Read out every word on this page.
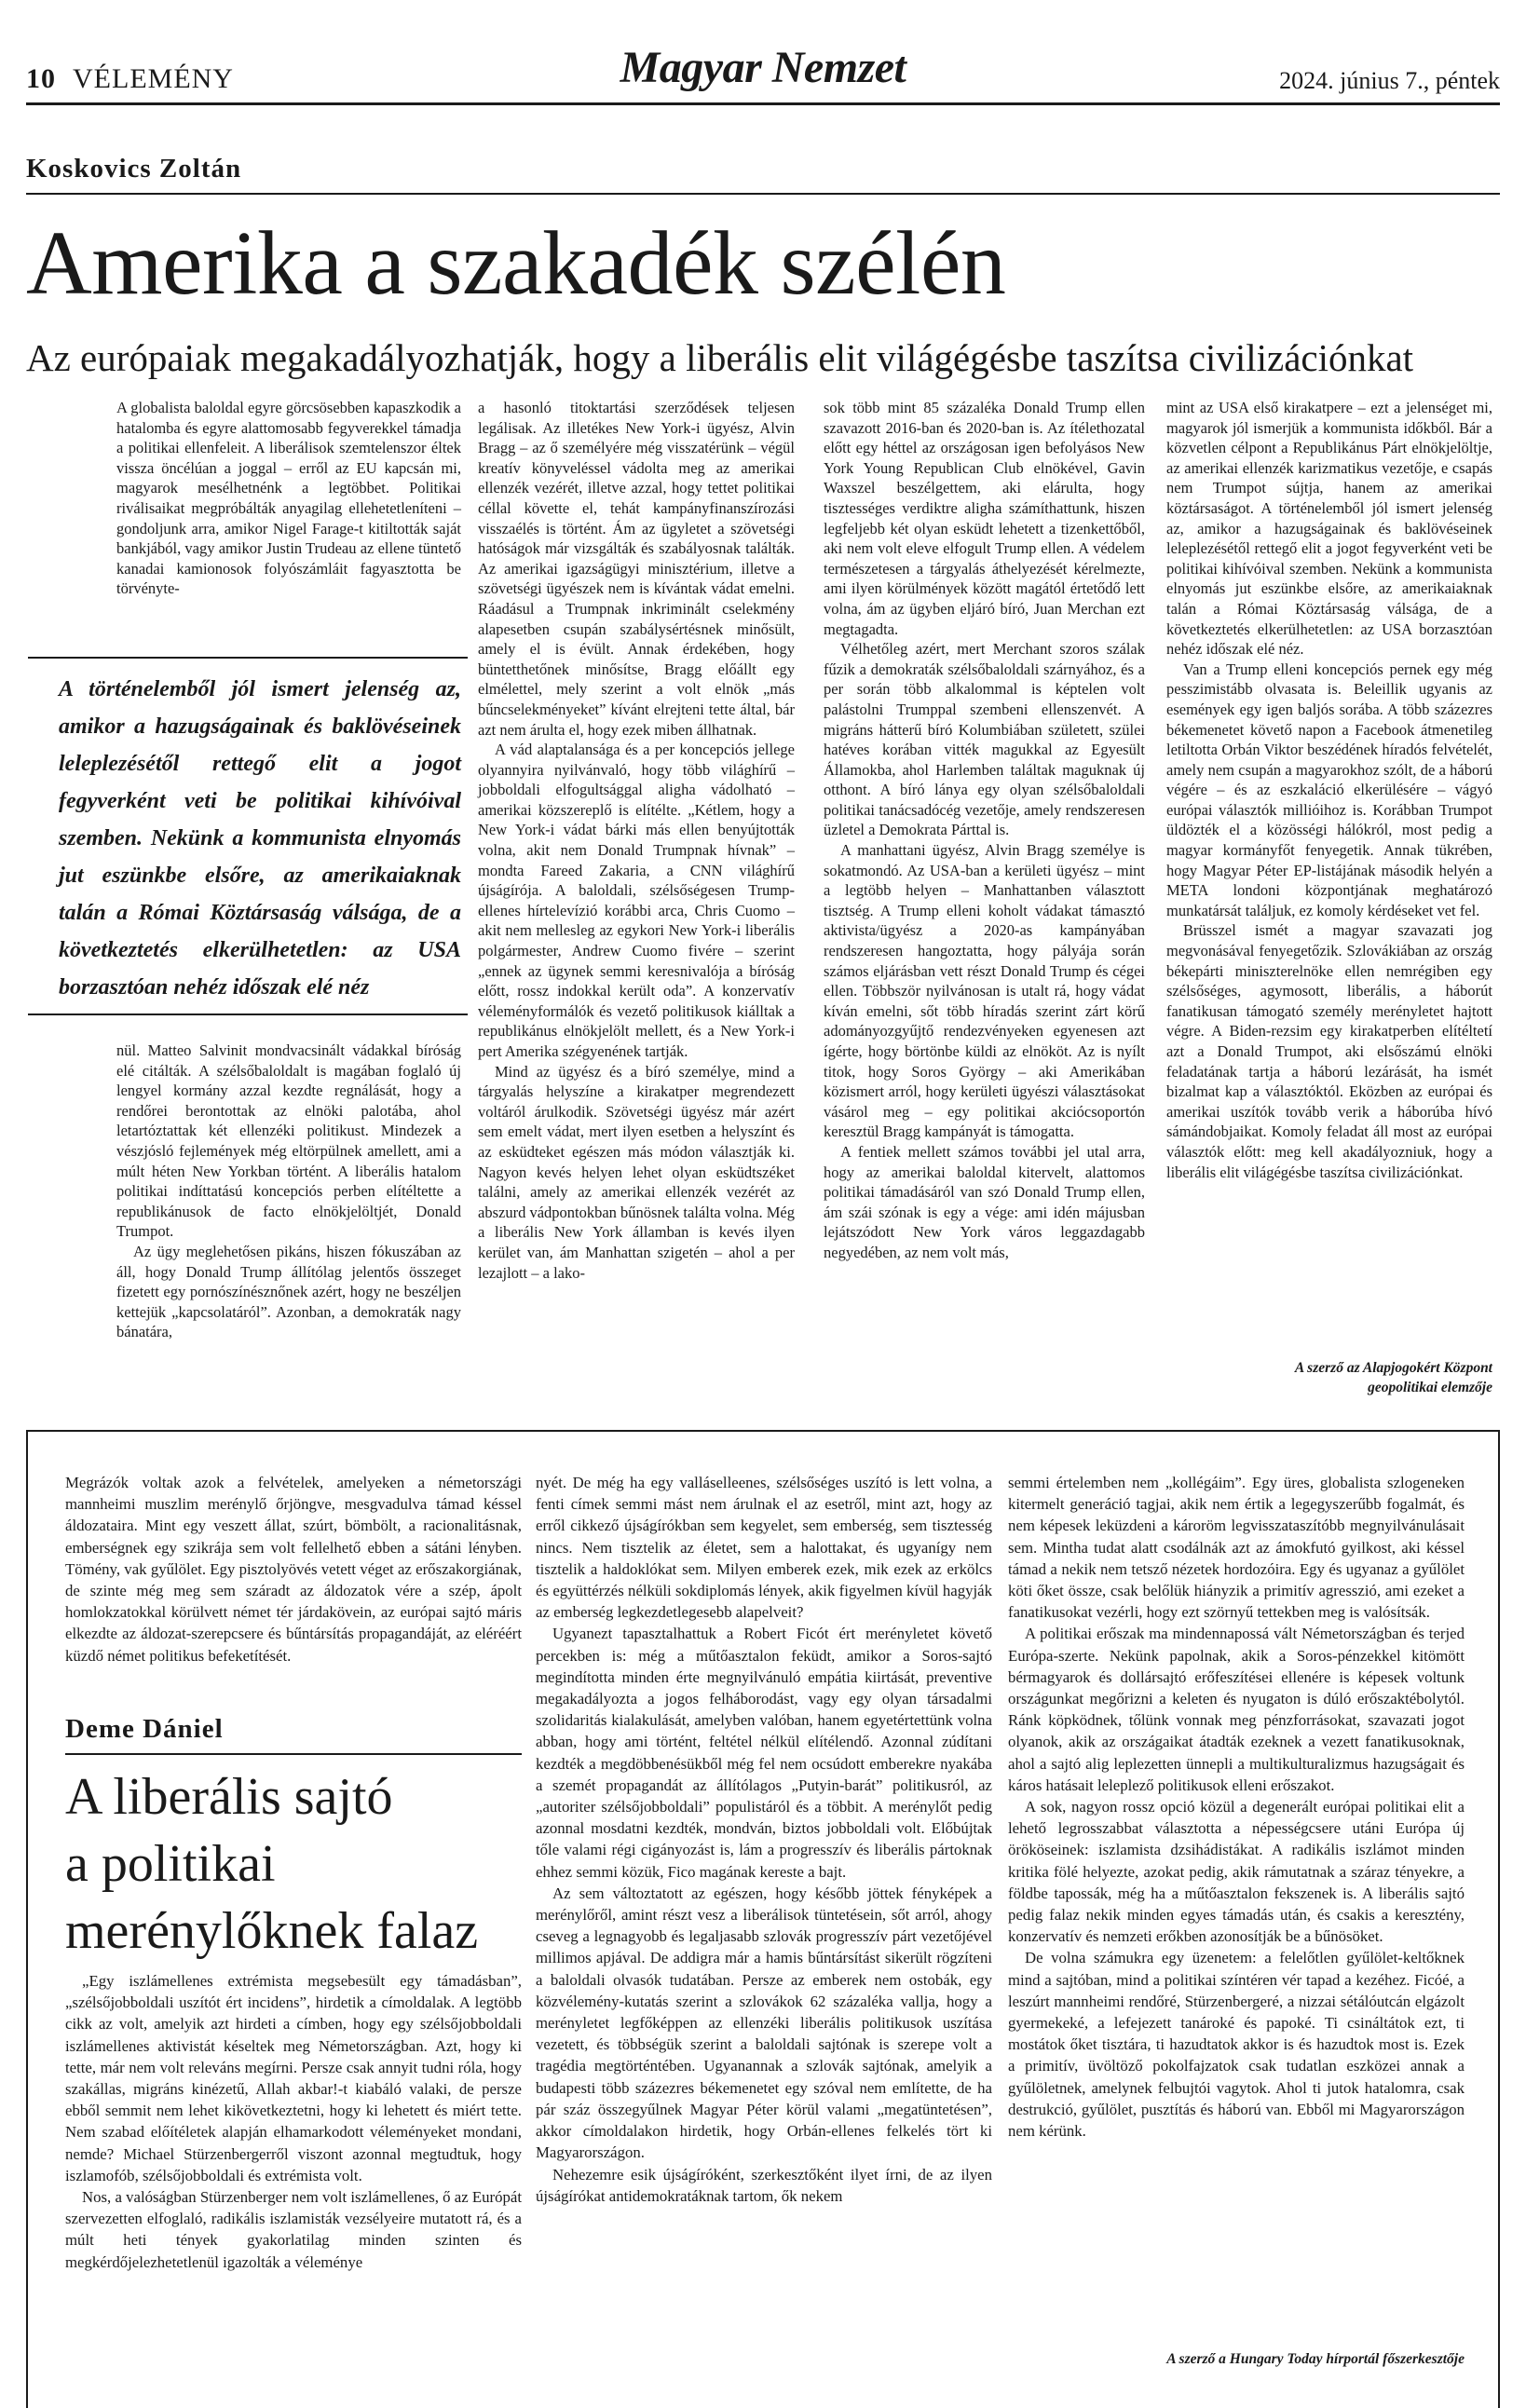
10 VÉLEMÉNY	Magyar Nemzet	2024. június 7., péntek
Koskovics Zoltán
Amerika a szakadék szélén
Az európaiak megakadályozhatják, hogy a liberális elit világégésbe taszítsa civilizációnkat

A globalista baloldal egyre görcsösebben kapaszkodik a hatalomba és egyre alattomosabb fegyverekkel támadja a politikai ellenfeleit. A liberálisok szemtelenszor éltek vissza öncélúan a joggal – erről az EU kapcsán mi, magyarok mesélhetnénk a legtöbbet. Politikai riválisaikat megpróbálták anyagilag ellehetetleníteni – gondoljunk arra, amikor Nigel Farage-t kitiltották saját bankjából, vagy amikor Justin Trudeau az ellene tüntető kanadai kamionosok folyószámláit fagyasztotta be törvényte-

A történelemből jól ismert jelenség az, amikor a hazugságainak és baklövéseinek leleplezésétől rettegő elit a jogot fegyverként veti be politikai kihívóival szemben. Nekünk a kommunista elnyomás jut eszünkbe elsőre, az amerikaiaknak talán a Római Köztársaság válsága, de a következtetés elkerülhetetlen: az USA borzasztóan nehéz időszak elé néz

nül. Matteo Salvinit mondvacsinált vádakkal bíróság elé citálták. A szélsőbaloldalt is magában foglaló új lengyel kormány azzal kezdte regnálását, hogy a rendőrei berontottak az elnöki palotába, ahol letartóztattak két ellenzéki politikust. Mindezek a vészjósló fejlemények még eltörpülnek amellett, ami a múlt héten New Yorkban történt. A liberális hatalom politikai indíttatású koncepciós perben elítéltette a republikánusok de facto elnökjelöltjét, Donald Trumpot.

Az ügy meglehetősen pikáns, hiszen fókuszában az áll, hogy Donald Trump állítólag jelentős összeget fizetett egy pornószínésznőnek azért, hogy ne beszéljen kettejük „kapcsolatáról”. Azonban, a demokraták nagy bánatára,

a hasonló titoktartási szerződések teljesen legálisak. Az illetékes New York-i ügyész, Alvin Bragg – az ő személyére még visszatérünk – végül kreatív könyveléssel vádolta meg az amerikai ellenzék vezérét, illetve azzal, hogy tettet politikai céllal követte el, tehát kampányfinanszírozási visszaélés is történt. Ám az ügyletet a szövetségi hatóságok már vizsgálták és szabályosnak találták. Az amerikai igazságügyi minisztérium, illetve a szövetségi ügyészek nem is kívántak vádat emelni. Ráadásul a Trumpnak inkriminált cselekmény alapesetben csupán szabálysértésnek minősült, amely el is évült. Annak érdekében, hogy büntetthetőnek minősítse, Bragg előállt egy elmélettel, mely szerint a volt elnök „más bűncselekményeket” kívánt elrejteni tette által, bár azt nem árulta el, hogy ezek miben állhatnak.

A vád alaptalansága és a per koncepciós jellege olyannyira nyilvánvaló, hogy több világhírű – jobboldali elfogultsággal aligha vádolható – amerikai közszereplő is elítélte. „Kétlem, hogy a New York-i vádat bárki más ellen benyújtották volna, akit nem Donald Trumpnak hívnak” – mondta Fareed Zakaria, a CNN világhírű újságírója. A baloldali, szélsőségesen Trump-ellenes hírtelevízió korábbi arca, Chris Cuomo – akit nem mellesleg az egykori New York-i liberális polgármester, Andrew Cuomo fivére – szerint „ennek az ügynek semmi keresnivalója a bíróság előtt, rossz indokkal került oda”. A konzervatív véleményformálók és vezető politikusok kiálltak a republikánus elnökjelölt mellett, és a New York-i pert Amerika szégyenének tartják.

Mind az ügyész és a bíró személye, mind a tárgyalás helyszíne a kirakatper megrendezett voltáról árulkodik. Szövetségi ügyész már azért sem emelt vádat, mert ilyen esetben a helyszínt és az esküdteket egészen más módon választják ki. Nagyon kevés helyen lehet olyan esküdtszéket találni, amely az amerikai ellenzék vezérét az abszurd vádpontokban bűnösnek találta volna. Még a liberális New York államban is kevés ilyen kerület van, ám Manhattan szigetén – ahol a per lezajlott – a lako-

sok több mint 85 százaléka Donald Trump ellen szavazott 2016-ban és 2020-ban is. Az ítélethozatal előtt egy héttel az országosan igen befolyásos New York Young Republican Club elnökével, Gavin Waxszel beszélgettem, aki elárulta, hogy tisztességes verdiktre aligha számíthattunk, hiszen legfeljebb két olyan esküdt lehetett a tizenkettőből, aki nem volt eleve elfogult Trump ellen. A védelem természetesen a tárgyalás áthelyezését kérelmezte, ami ilyen körülmények között magától értetődő lett volna, ám az ügyben eljáró bíró, Juan Merchan ezt megtagadta.

Vélhetőleg azért, mert Merchant szoros szálak fűzik a demokraták szélsőbaloldali szárnyához, és a per során több alkalommal is képtelen volt palástolni Trumppal szembeni ellenszenvét. A migráns hátterű bíró Kolumbiában született, szülei hatéves korában vitték magukkal az Egyesült Államokba, ahol Harlemben találtak maguknak új otthont. A bíró lánya egy olyan szélsőbaloldali politikai tanácsadócég vezetője, amely rendszeresen üzletel a Demokrata Párttal is.

A manhattani ügyész, Alvin Bragg személye is sokatmondó. Az USA-ban a kerületi ügyész – mint a legtöbb helyen – Manhattanben választott tisztség. A Trump elleni koholt vádakat támasztó aktivista/ügyész a 2020-as kampányában rendszeresen hangoztatta, hogy pályája során számos eljárásban vett részt Donald Trump és cégei ellen. Többször nyilvánosan is utalt rá, hogy vádat kíván emelni, sőt több híradás szerint zárt körű adományozgyűjtő rendezvényeken egyenesen azt ígérte, hogy börtönbe küldi az elnököt. Az is nyílt titok, hogy Soros György – aki Amerikában közismert arról, hogy kerületi ügyészi választásokat vásárol meg – egy politikai akciócsoportón keresztül Bragg kampányát is támogatta.

A fentiek mellett számos további jel utal arra, hogy az amerikai baloldal kitervelt, alattomos politikai támadásáról van szó Donald Trump ellen, ám szái szónak is egy a vége: ami idén májusban lejátszódott New York város leggazdagabb negyedében, az nem volt más,

mint az USA első kirakatpere – ezt a jelenséget mi, magyarok jól ismerjük a kommunista időkből. Bár a közvetlen célpont a Republikánus Párt elnökjelöltje, az amerikai ellenzék karizmatikus vezetője, e csapás nem Trumpot sújtja, hanem az amerikai köztársaságot. A történelemből jól ismert jelenség az, amikor a hazugságainak és baklövéseinek leleplezésétől rettegő elit a jogot fegyverként veti be politikai kihívóival szemben. Nekünk a kommunista elnyomás jut eszünkbe elsőre, az amerikaiaknak talán a Római Köztársaság válsága, de a következtetés elkerülhetetlen: az USA borzasztóan nehéz időszak elé néz.

Van a Trump elleni koncepciós pernek egy még pesszimistább olvasata is. Beleillik ugyanis az események egy igen baljós sorába. A több százezres békemenetet követő napon a Facebook átmenetileg letiltotta Orbán Viktor beszédének híradós felvételét, amely nem csupán a magyarokhoz szólt, de a háború végére – és az eszkaláció elkerülésére – vágyó európai választók millióihoz is. Korábban Trumpot üldözték el a közösségi hálókról, most pedig a magyar kormányfőt fenyegetik. Annak tükrében, hogy Magyar Péter EP-listájának második helyén a META londoni központjának meghatározó munkatársát találjuk, ez komoly kérdéseket vet fel.

Brüsszel ismét a magyar szavazati jog megvonásával fenyegetőzik. Szlovákiában az ország békepárti miniszterelnöke ellen nemrégiben egy szélsőséges, agymosott, liberális, a háborút fanatikusan támogató személy merényletet hajtott végre. A Biden-rezsim egy kirakatperben elítéltetí azt a Donald Trumpot, aki elsőszámú elnöki feladatának tartja a háború lezárását, ha ismét bizalmat kap a választóktól. Eközben az európai és amerikai uszítók tovább verik a háborúba hívó sámándobjaikat. Komoly feladat áll most az európai választók előtt: meg kell akadályozniuk, hogy a liberális elit világégésbe taszítsa civilizációnkat.

A szerző az Alapjogokért Központ
geopolitikai elemzője

Megrázók voltak azok a felvételek, amelyeken a németországi mannheimi muszlim merénylő őrjöngve, mesgvadulva támad késsel áldozataira. Mint egy veszett állat, szúrt, bömbölt, a racionalitásnak, emberségnek egy szikrája sem volt fellelhető ebben a sátáni lényben. Tömény, vak gyűlölet. Egy pisztolyövés vetett véget az erőszakorgiának, de szinte még meg sem száradt az áldozatok vére a szép, ápolt homlokzatokkal körülvett német tér járdakövein, az európai sajtó máris elkezdte az áldozat-szerepcsere és bűntársítás propagandáját, az eléréért küzdő német politikus befeketítését.

Deme Dániel
A liberális sajtó
a politikai
merénylőknek falaz

„Egy iszlámellenes extrémista megsebesült egy támadásban”, „szélsőjobboldali uszítót ért incidens”, hirdetik a címoldalak. A legtöbb cikk az volt, amelyik azt hirdeti a címben, hogy egy szélsőjobboldali iszlámellenes aktivistát késeltek meg Németországban. Azt, hogy ki tette, már nem volt releváns megírni. Persze csak annyit tudni róla, hogy szakállas, migráns kinézetű, Allah akbar!-t kiabáló valaki, de persze ebből semmit nem lehet kikövetkeztetni, hogy ki lehetett és miért tette. Nem szabad előítéletek alapján elhamarkodott véleményeket mondani, nemde? Michael Stürzenbergerről viszont azonnal megtudtuk, hogy iszlamofób, szélsőjobboldali és extrémista volt.

Nos, a valóságban Stürzenberger nem volt iszlámellenes, ő az Európát szervezetten elfoglaló, radikális iszlamisták vezsélyeire mutatott rá, és a múlt heti tények gyakorlatilag minden szinten és megkérdőjelezhetetlenül igazolták a véleménye

nyét. De még ha egy valláselleenes, szélsőséges uszító is lett volna, a fenti címek semmi mást nem árulnak el az esetről, mint azt, hogy az erről cikkező újságírókban sem kegyelet, sem emberség, sem tisztesség nincs. Nem tisztelik az életet, sem a halottakat, és ugyanígy nem tisztelik a haldoklókat sem. Milyen emberek ezek, mik ezek az erkölcs és együttérzés nélküli sokdiplomás lények, akik figyelmen kívül hagyják az emberség legkezdetlegesebb alapelveit?

Ugyanezt tapasztalhattuk a Robert Ficót ért merényletet követő percekben is: még a műtőasztalon feküdt, amikor a Soros-sajtó megindította minden érte megnyilvánuló empátia kiirtását, preventive megakadályozta a jogos felháborodást, vagy egy olyan társadalmi szolidaritás kialakulását, amelyben valóban, hanem egyetértettünk volna abban, hogy ami történt, feltétel nélkül elítélendő. Azonnal zúdítani kezdték a megdöbbenésükből még fel nem ocsúdott emberekre nyakába a szemét propagandát az állítólagos „Putyin-barát” politikusról, az „autoriter szélsőjobboldali” populistáról és a többit. A merénylőt pedig azonnal mosdatni kezdték, mondván, biztos jobboldali volt. Előbújtak tőle valami régi cigányozást is, lám a progresszív és liberális pártoknak ehhez semmi közük, Fico magának kereste a bajt.

Az sem változtatott az egészen, hogy később jöttek fényképek a merénylőről, amint részt vesz a liberálisok tüntetésein, sőt arról, ahogy cseveg a legnagyobb és legaljasabb szlovák progresszív párt vezetőjével millimos apjával. De addigra már a hamis bűntársítást sikerült rögzíteni a baloldali olvasók tudatában. Persze az emberek nem ostobák, egy közvélemény-kutatás szerint a szlovákok 62 százaléka vallja, hogy a merényletet legfőképpen az ellenzéki liberális politikusok uszítása vezetett, és többségük szerint a baloldali sajtónak is szerepe volt a tragédia megtörténtében. Ugyanannak a szlovák sajtónak, amelyik a budapesti több százezres békemenetet egy szóval nem említette, de ha pár száz összegyűlnek Magyar Péter körül valami „megatüntetésen”, akkor címoldalakon hirdetik, hogy Orbán-ellenes felkelés tört ki Magyarországon.

Nehezemre esik újságíróként, szerkesztőként ilyet írni, de az ilyen újságírókat antidemokratáknak tartom, ők nekem

semmi értelemben nem „kollégáim”. Egy üres, globalista szlogeneken kitermelt generáció tagjai, akik nem értik a legegyszerűbb fogalmát, és nem képesek leküzdeni a károröm legvisszataszítóbb megnyilvánulásait sem. Mintha tudat alatt csodálnák azt az ámokfutó gyilkost, aki késsel támad a nekik nem tetsző nézetek hordozóira. Egy és ugyanaz a gyűlölet köti őket össze, csak belőlük hiányzik a primitív agresszió, ami ezeket a fanatikusokat vezérli, hogy ezt szörnyű tettekben meg is valósítsák.

A politikai erőszak ma mindennapossá vált Németországban és terjed Európa-szerte. Nekünk papolnak, akik a Soros-pénzekkel kitömött bérmagyarok és dollársajtó erőfeszítései ellenére is képesek voltunk országunkat megőrizni a keleten és nyugaton is dúló erőszaktébolytól. Ránk köpködnek, tőlünk vonnak meg pénzforrásokat, szavazati jogot olyanok, akik az országaikat átadták ezeknek a vezett fanatikusoknak, ahol a sajtó alig leplezetten ünnepli a multikulturalizmus hazugságait és káros hatásait leleplező politikusok elleni erőszakot.

A sok, nagyon rossz opció közül a degenerált európai politikai elit a lehető legrosszabbat választotta a népességcsere utáni Európa új örököseinek: iszlamista dzsihádistákat. A radikális iszlámot minden kritika fölé helyezte, azokat pedig, akik rámutatnak a száraz tényekre, a földbe tapossák, még ha a műtőasztalon fekszenek is. A liberális sajtó pedig falaz nekik minden egyes támadás után, és csakis a keresztény, konzervatív és nemzeti erőkben azonosítják be a bűnösöket.

De volna számukra egy üzenetem: a felelőtlen gyűlölet-keltőknek mind a sajtóban, mind a politikai színtéren vér tapad a kezéhez. Ficóé, a leszúrt mannheimi rendőré, Stürzenbergeré, a nizzai sétálóutcán elgázolt gyermekeké, a lefejezett tanároké és papoké. Ti csináltátok ezt, ti mostátok őket tisztára, ti hazudtatok akkor is és hazudtok most is. Ezek a primitív, üvöltöző pokolfajzatok csak tudatlan eszközei annak a gyűlöletnek, amelynek felbujtói vagytok. Ahol ti jutok hatalomra, csak destrukció, gyűlölet, pusztítás és háború van. Ebből mi Magyarországon nem kérünk.

A szerző a Hungary Today hírportál főszerkesztője
